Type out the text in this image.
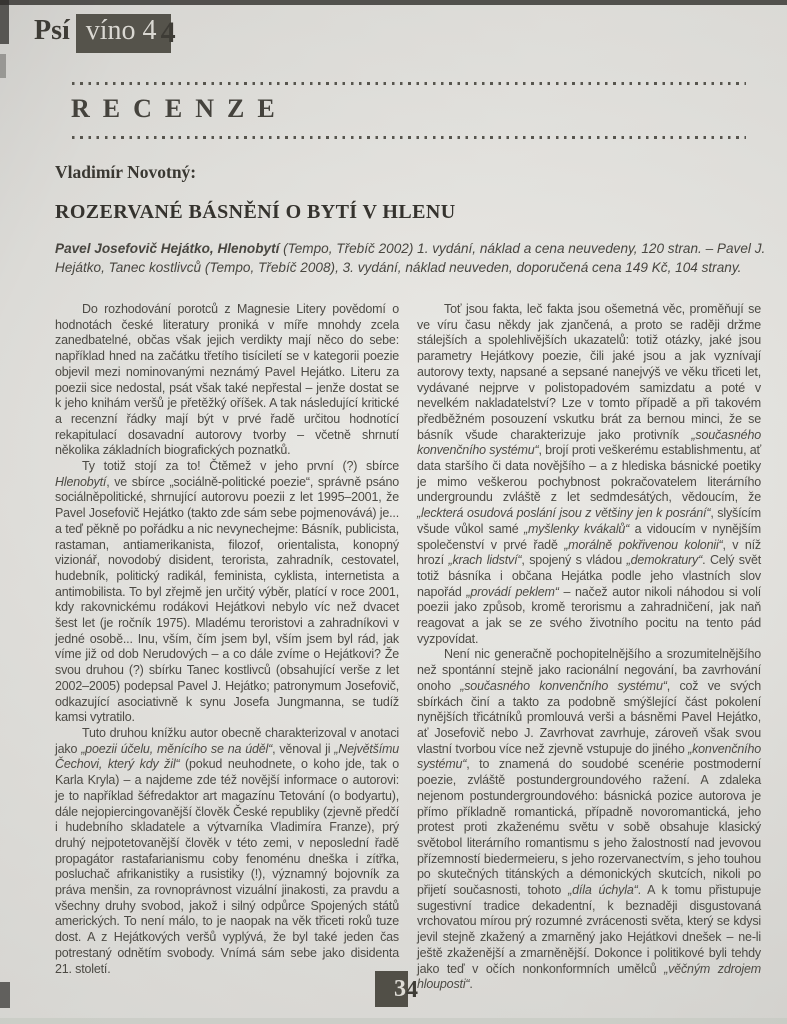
Psí víno 4 4
RECENZE

Vladimír Novotný:

ROZERVANÉ BÁSNĚNÍ O BYTÍ V HLENU

Pavel Josefovič Hejátko, Hlenobytí (Tempo, Třebíč 2002) 1. vydání, náklad a cena neuvedeny, 120 stran. – Pavel J. Hejátko, Tanec kostlivců (Tempo, Třebíč 2008), 3. vydání, náklad neuveden, doporučená cena 149 Kč, 104 strany.

Do rozhodování porotců z Magnesie Litery povědomí o hodnotách české literatury proniká v míře mnohdy zcela zanedbatelné, občas však jejich verdikty mají něco do sebe: například hned na začátku třetího tisíciletí se v kategorii poezie objevil mezi nominovanými neznámý Pavel Hejátko. Literu za poezii sice nedostal, psát však také nepřestal – jenže dostat se k jeho knihám veršů je přetěžký oříšek. A tak následující kritické a recenzní řádky mají být v prvé řadě určitou hodnotící rekapitulací dosavadní autorovy tvorby – včetně shrnutí několika základních biografických poznatků.

Ty totiž stojí za to! Čtěmež v jeho první (?) sbírce Hlenobytí, ve sbírce „sociálně-politické poezie“, správně psáno sociálněpolitické, shrnující autorovu poezii z let 1995–2001, že Pavel Josefovič Hejátko (takto zde sám sebe pojmenovává) je... a teď pěkně po pořádku a nic nevynechejme: Básník, publicista, rastaman, antiamerikanista, filozof, orientalista, konopný vizionář, novodobý disident, terorista, zahradník, cestovatel, hudebník, politický radikál, feminista, cyklista, internetista a antimobilista. To byl zřejmě jen určitý výběr, platící v roce 2001, kdy rakovnickému rodákovi Hejátkovi nebylo víc než dvacet šest let (je ročník 1975). Mladému teroristovi a zahradníkovi v jedné osobě... Inu, vším, čím jsem byl, vším jsem byl rád, jak víme již od dob Nerudových – a co dále zvíme o Hejátkovi? Že svou druhou (?) sbírku Tanec kostlivců (obsahující verše z let 2002–2005) podepsal Pavel J. Hejátko; patronymum Josefovič, odkazující asociativně k synu Josefa Jungmanna, se tudíž kamsi vytratilo.

Tuto druhou knížku autor obecně charakterizoval v anotaci jako „poezii účelu, měnícího se na úděl“, věnoval ji „Největšímu Čechovi, který kdy žil“ (pokud neuhodnete, o koho jde, tak o Karla Kryla) – a najdeme zde též novější informace o autorovi: je to například šéfredaktor art magazínu Tetování (o bodyartu), dále nejopiercingovanější člověk České republiky (zjevně předčí i hudebního skladatele a výtvarníka Vladimíra Franze), prý druhý nejpotetovanější člověk v této zemi, v neposlední řadě propagátor rastafarianismu coby fenoménu dneška i zítřka, posluchač afrikanistiky a rusistiky (!), významný bojovník za práva menšin, za rovnoprávnost vizuální jinakosti, za pravdu a všechny druhy svobod, jakož i silný odpůrce Spojených států amerických. To není málo, to je naopak na věk třiceti roků tuze dost. A z Hejátkových veršů vyplývá, že byl také jeden čas potrestaný odnětím svobody. Vnímá sám sebe jako disidenta 21. století.

Toť jsou fakta, leč fakta jsou ošemetná věc, proměňují se ve víru času někdy jak zjančená, a proto se raději držme stálejších a spolehlivějších ukazatelů: totiž otázky, jaké jsou parametry Hejátkovy poezie, čili jaké jsou a jak vyznívají autorovy texty, napsané a sepsané nanejvýš ve věku třiceti let, vydávané nejprve v polistopadovém samizdatu a poté v nevelkém nakladatelství? Lze v tomto případě a při takovém předběžném posouzení vskutku brát za bernou minci, že se básník všude charakterizuje jako protivník „současného konvenčního systému“, brojí proti veškerému establishmentu, ať data staršího či data novějšího – a z hlediska básnické poetiky je mimo veškerou pochybnost pokračovatelem literárního undergroundu zvláště z let sedmdesátých, vědoucím, že „leckterá osudová poslání jsou z většiny jen k posrání“, slyšícím všude vůkol samé „myšlenky kvákalů“ a vidoucím v nynějším společenství v prvé řadě „morálně pokřivenou kolonii“, v níž hrozí „krach lidství“, spojený s vládou „demokratury“. Celý svět totiž básníka i občana Hejátka podle jeho vlastních slov napořád „provádí peklem“ – načež autor nikoli náhodou si volí poezii jako způsob, kromě terorismu a zahradničení, jak naň reagovat a jak se ze svého životního pocitu na tento pád vyzpovídat.

Není nic generačně pochopitelnějšího a srozumitelnějšího než spontánní stejně jako racionální negování, ba zavrhování onoho „současného konvenčního systému“, což ve svých sbírkách činí a takto za podobně smýšlející část pokolení nynějších třicátníků promlouvá verši a básněmi Pavel Hejátko, ať Josefovič nebo J. Zavrhovat zavrhuje, zároveň však svou vlastní tvorbou více než zjevně vstupuje do jiného „konvenčního systému“, to znamená do soudobé scenérie postmoderní poezie, zvláště postundergroundového ražení. A zdaleka nejenom postundergroundového: básnická pozice autorova je přímo příkladně romantická, případně novoromantická, jeho protest proti zkaženému světu v sobě obsahuje klasický světobol literárního romantismu s jeho žalostností nad jevovou přízemností biedermeieru, s jeho rozervanectvím, s jeho touhou po skutečných titánských a démonických skutcích, nikoli po přijetí současnosti, tohoto „díla úchyla“. A k tomu přistupuje sugestivní tradice dekadentní, k beznaději disgustovaná vrchovatou mírou prý rozumné zvrácenosti světa, který se kdysi jevil stejně zkažený a zmarněný jako Hejátkovi dnešek – ne-li ještě zkaženější a zmarněnější. Dokonce i politikové byli tehdy jako teď v očích nonkonformních umělců „věčným zdrojem hlouposti“.

34
